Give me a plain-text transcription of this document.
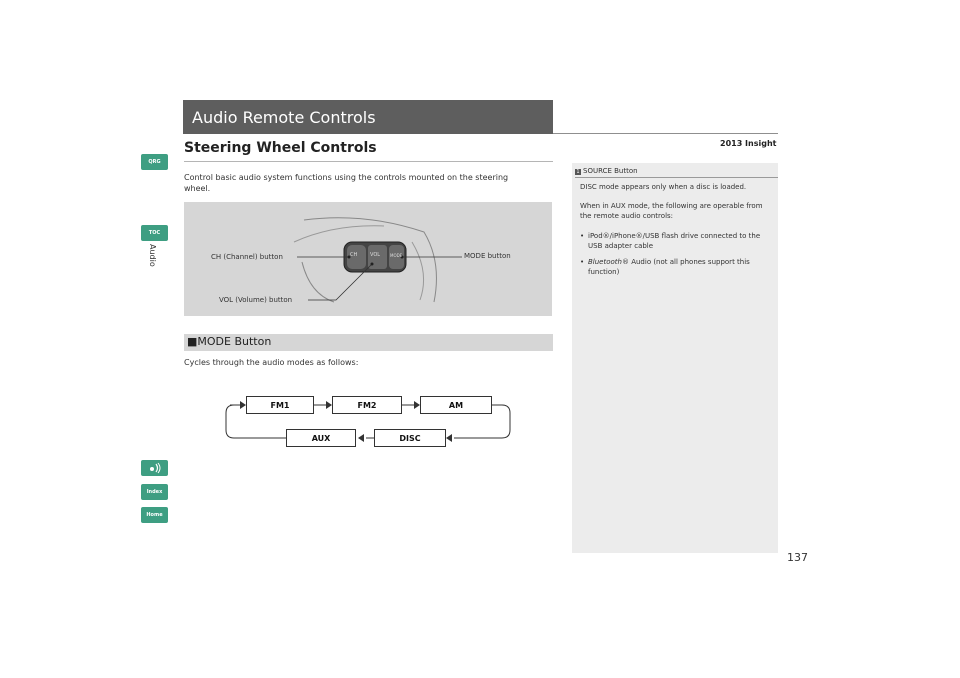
Audio Remote Controls
2013 Insight
QRG
TOC
Audio
Index
Home
Steering Wheel Controls
Control basic audio system functions using the controls mounted on the steering wheel.
CH	VOL MODE
CH (Channel) button
VOL (Volume) button
MODE button
■MODE Button
Cycles through the audio modes as follows:
FM1	FM2	AM
DISC
AUX
1 SOURCE Button
DISC mode appears only when a disc is loaded.
When in AUX mode, the following are operable from the remote audio controls:
• iPod®/iPhone®/USB flash drive connected to the USB adapter cable
• Bluetooth® Audio (not all phones support this function)
137
